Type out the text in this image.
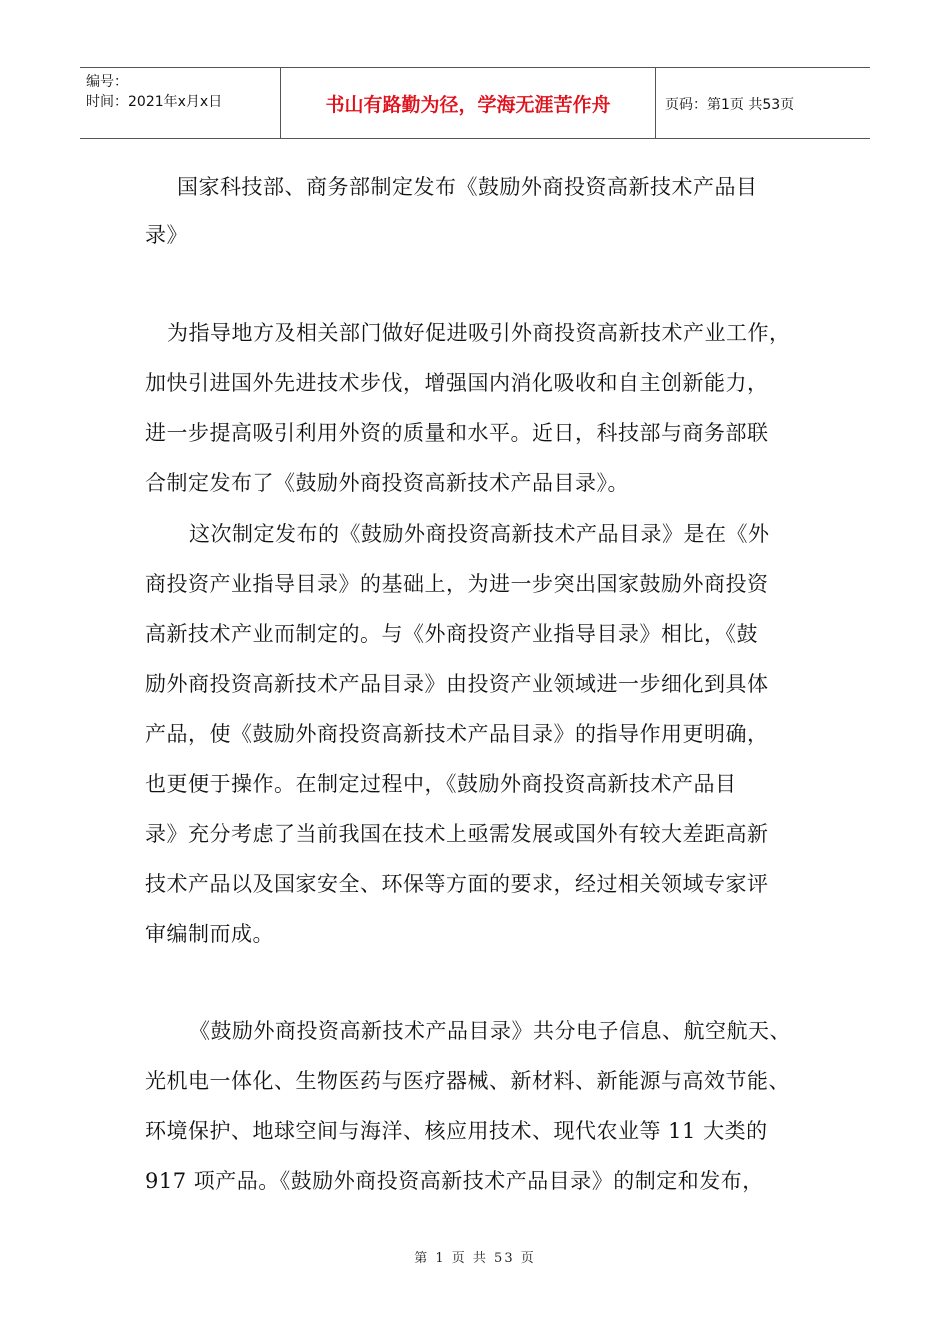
编号：
时间：2021年x月x日	书山有路勤为径，学海无涯苦作舟	页码：第1页 共53页
国家科技部、商务部制定发布《鼓励外商投资高新技术产品目
录》
为指导地方及相关部门做好促进吸引外商投资高新技术产业工作，
加快引进国外先进技术步伐，增强国内消化吸收和自主创新能力，
进一步提高吸引利用外资的质量和水平。近日，科技部与商务部联
合制定发布了《鼓励外商投资高新技术产品目录》。
这次制定发布的《鼓励外商投资高新技术产品目录》是在《外
商投资产业指导目录》的基础上，为进一步突出国家鼓励外商投资
高新技术产业而制定的。与《外商投资产业指导目录》相比，《鼓
励外商投资高新技术产品目录》由投资产业领域进一步细化到具体
产品，使《鼓励外商投资高新技术产品目录》的指导作用更明确，
也更便于操作。在制定过程中，《鼓励外商投资高新技术产品目
录》充分考虑了当前我国在技术上亟需发展或国外有较大差距高新
技术产品以及国家安全、环保等方面的要求，经过相关领域专家评
审编制而成。
《鼓励外商投资高新技术产品目录》共分电子信息、航空航天、
光机电一体化、生物医药与医疗器械、新材料、新能源与高效节能、
环境保护、地球空间与海洋、核应用技术、现代农业等 11 大类的
917 项产品。《鼓励外商投资高新技术产品目录》的制定和发布，
第 1 页 共 53 页
